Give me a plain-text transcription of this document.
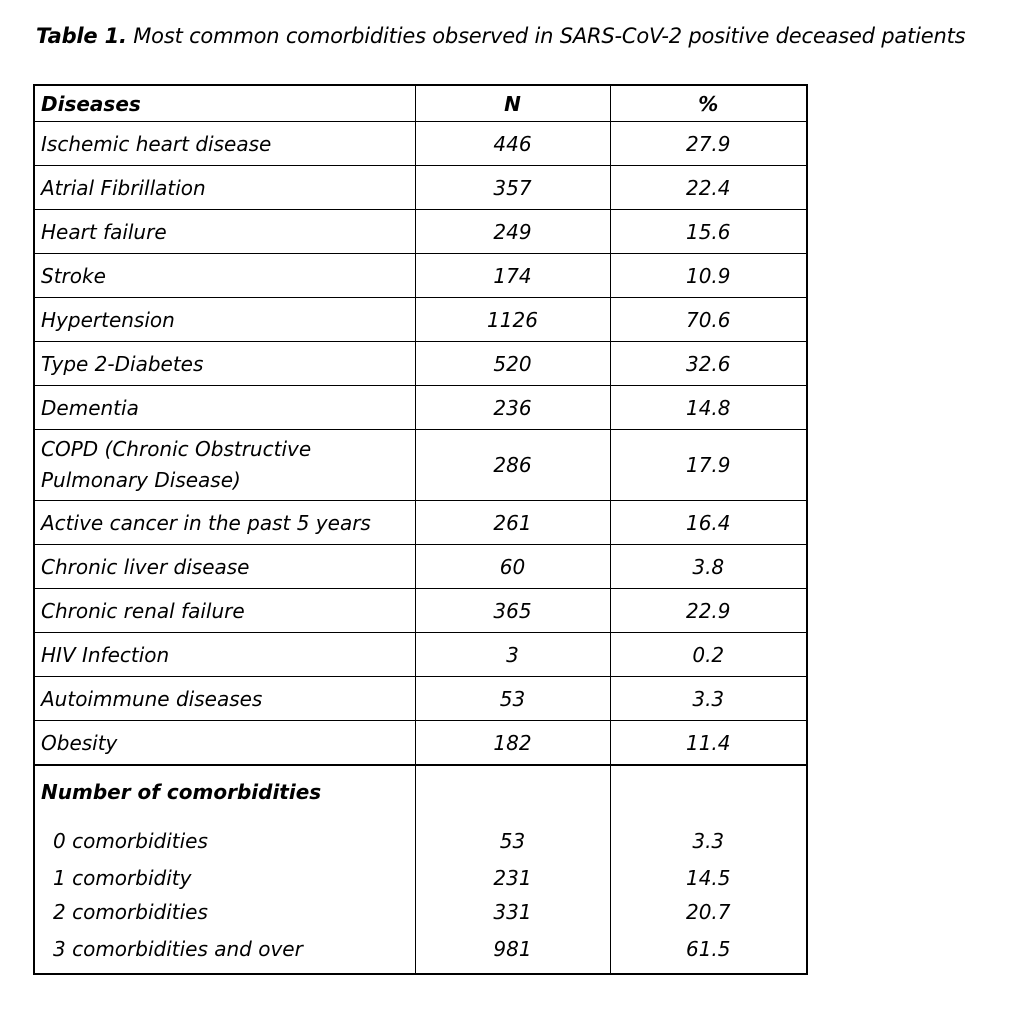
Table 1. Most common comorbidities observed in SARS-CoV-2 positive deceased patients
Diseases	N	%
Ischemic heart disease	446	27.9
Atrial Fibrillation	357	22.4
Heart failure	249	15.6
Stroke	174	10.9
Hypertension	1126	70.6
Type 2-Diabetes	520	32.6
Dementia	236	14.8
COPD (Chronic Obstructive Pulmonary Disease)	286	17.9
Active cancer in the past 5 years	261	16.4
Chronic liver disease	60	3.8
Chronic renal failure	365	22.9
HIV Infection	3	0.2
Autoimmune diseases	53	3.3
Obesity	182	11.4
Number of comorbidities		
0 comorbidities	53	3.3
1 comorbidity	231	14.5
2 comorbidities	331	20.7
3 comorbidities and over	981	61.5
